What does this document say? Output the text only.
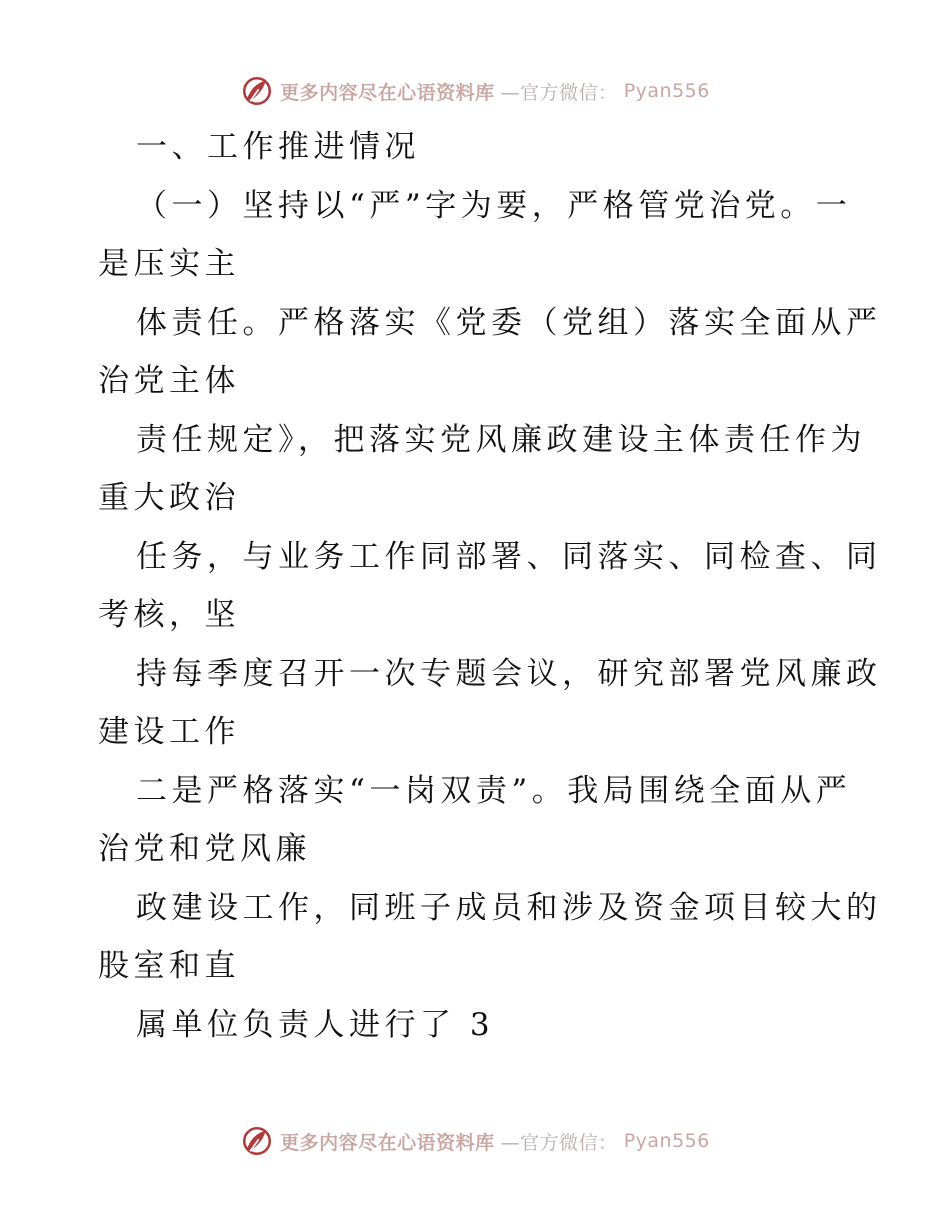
更多内容尽在心语资料库 —官方微信： Pyan556
一、工作推进情况
（一）坚持以“严”字为要，严格管党治党。一
是压实主
体责任。严格落实《党委（党组）落实全面从严
治党主体
责任规定》，把落实党风廉政建设主体责任作为
重大政治
任务，与业务工作同部署、同落实、同检查、同
考核，坚
持每季度召开一次专题会议，研究部署党风廉政
建设工作
二是严格落实“一岗双责”。我局围绕全面从严
治党和党风廉
政建设工作，同班子成员和涉及资金项目较大的
股室和直
属单位负责人进行了 3
更多内容尽在心语资料库 —官方微信： Pyan556
